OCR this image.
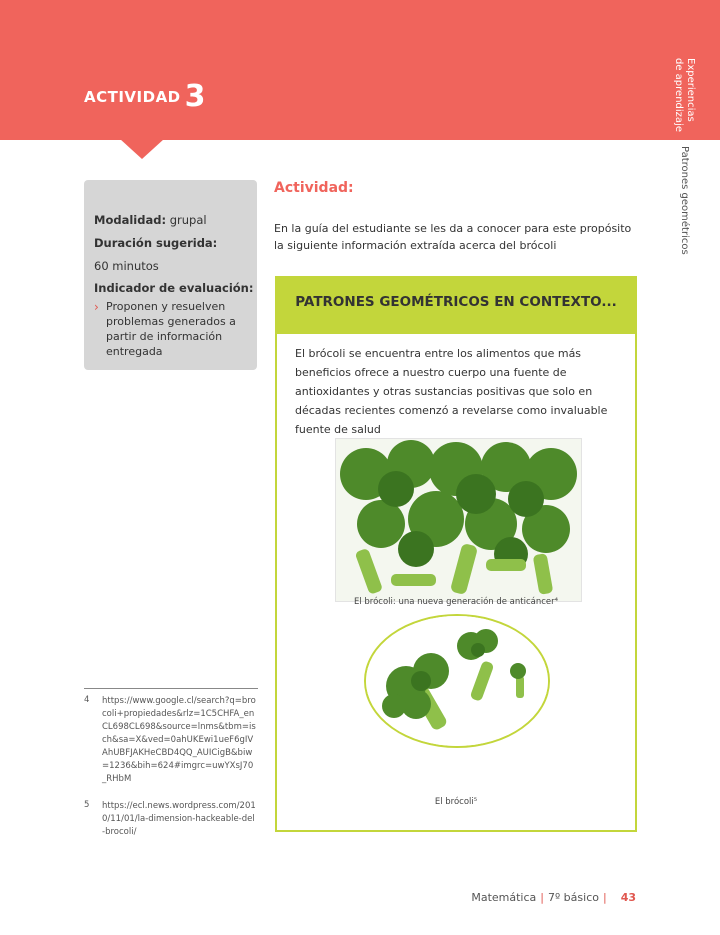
ACTIVIDAD 3	Experiencias
de aprendizaje
Patrones geométricos
Modalidad: grupal
Duración sugerida:
60 minutos
Indicador de evaluación:
› Proponen y resuelven problemas generados a partir de información entregada
Actividad:
En la guía del estudiante se les da a conocer para este propósito la siguiente información extraída acerca del brócoli
PATRONES GEOMÉTRICOS EN CONTEXTO...
El brócoli se encuentra entre los alimentos que más beneficios ofrece a nuestro cuerpo una fuente de antioxidantes y otras sustancias positivas que solo en décadas recientes comenzó a revelarse como invaluable fuente de salud
El brócoli: una nueva generación de anticáncer⁴
El brócoli⁵
4 https://www.google.cl/search?q=brocoli+propiedades&rlz=1C5CHFA_enCL698CL698&source=lnms&tbm=isch&sa=X&ved=0ahUKEwi1ueF6gIVAhUBFJAKHeCBD4QQ_AUICigB&biw=1236&bih=624#imgrc=uwYXsJ70_RHbM
5 https://ecl.news.wordpress.com/2010/11/01/la-dimension-hackeable-del-brocoli/
Matemática | 7º básico | 43
